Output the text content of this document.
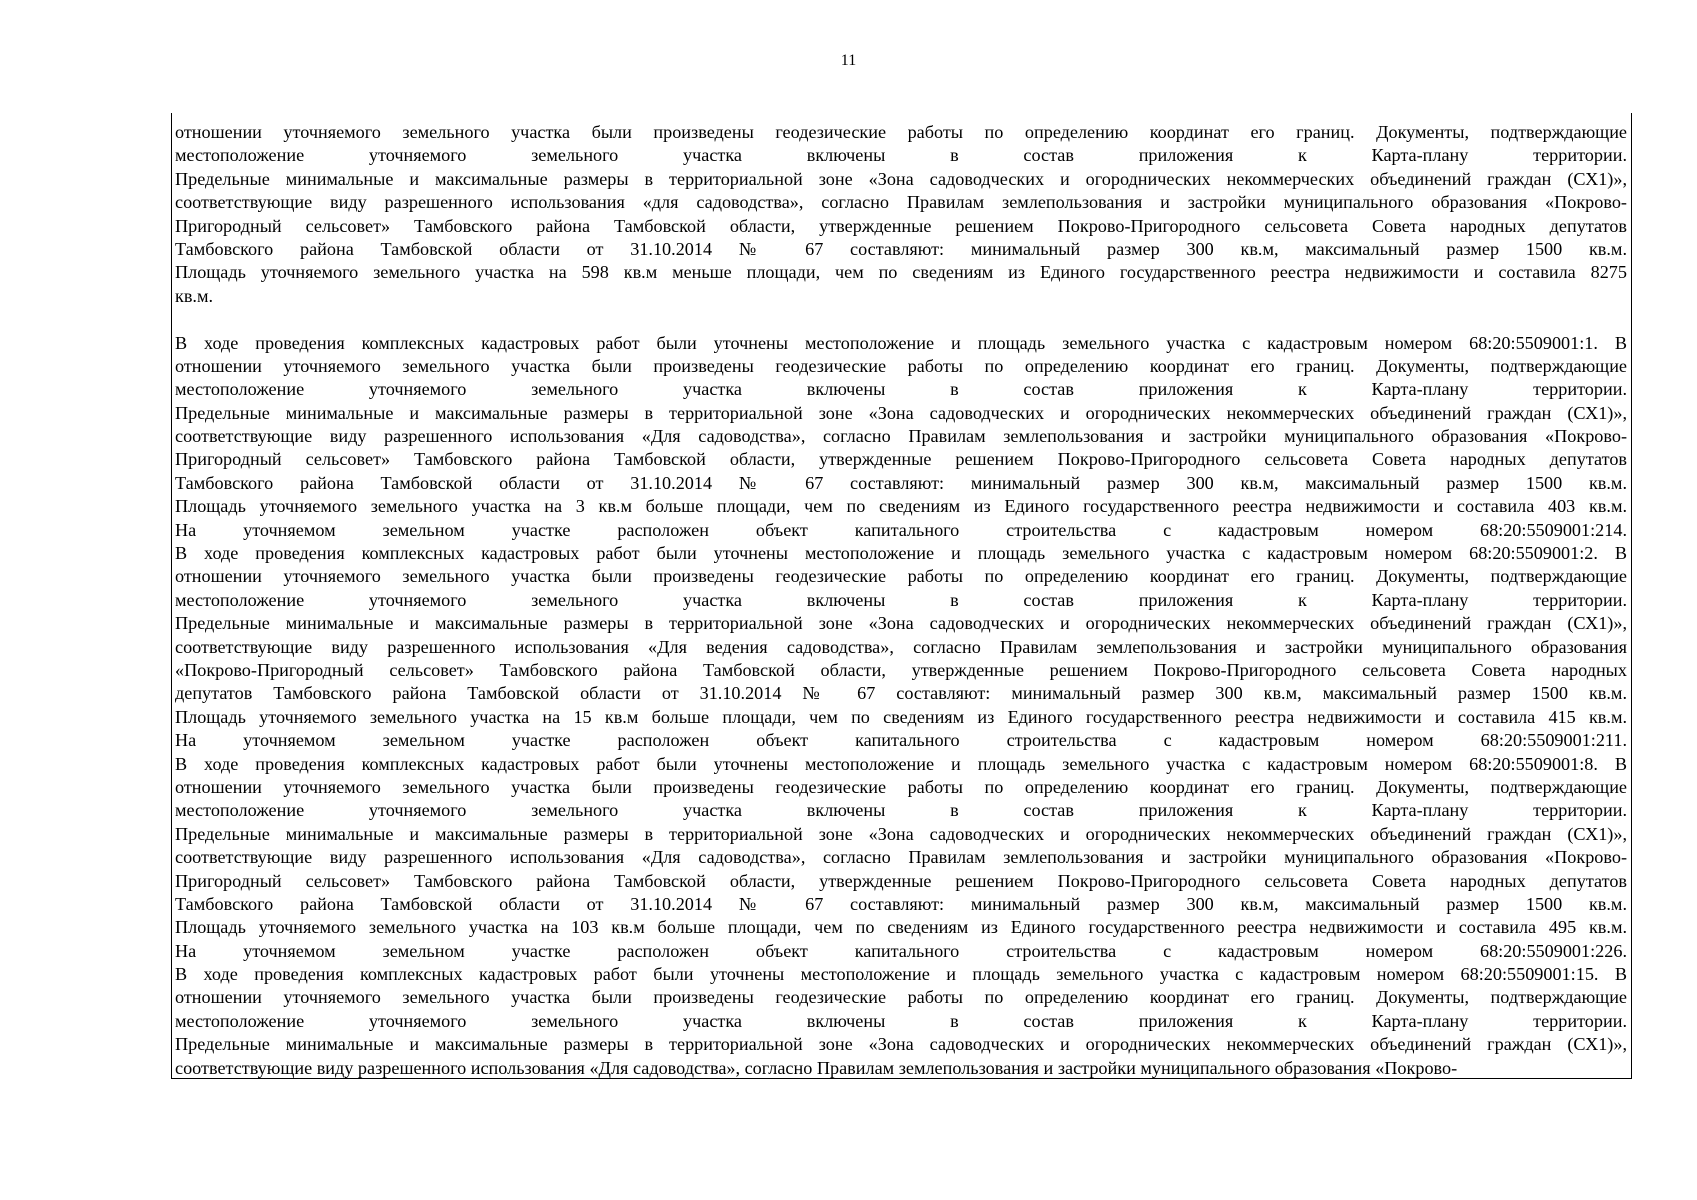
11
отношении уточняемого земельного участка были произведены геодезические работы по определению координат его границ. Документы, подтверждающие
местоположение уточняемого земельного участка включены в состав приложения к Карта-плану территории.
Предельные минимальные и максимальные размеры в территориальной зоне «Зона садоводческих и огороднических некоммерческих объединений граждан (СХ1)»,
соответствующие виду разрешенного использования «для садоводства», согласно Правилам землепользования и застройки муниципального образования «Покрово-
Пригородный сельсовет» Тамбовского района Тамбовской области, утвержденные решением Покрово-Пригородного сельсовета Совета народных депутатов
Тамбовского района Тамбовской области от 31.10.2014 № 67 составляют: минимальный размер 300 кв.м, максимальный размер 1500 кв.м.
Площадь уточняемого земельного участка на 598 кв.м меньше площади, чем по сведениям из Единого государственного реестра недвижимости и составила 8275
кв.м.
В ходе проведения комплексных кадастровых работ были уточнены местоположение и площадь земельного участка с кадастровым номером 68:20:5509001:1. В
отношении уточняемого земельного участка были произведены геодезические работы по определению координат его границ. Документы, подтверждающие
местоположение уточняемого земельного участка включены в состав приложения к Карта-плану территории.
Предельные минимальные и максимальные размеры в территориальной зоне «Зона садоводческих и огороднических некоммерческих объединений граждан (СХ1)»,
соответствующие виду разрешенного использования «Для садоводства», согласно Правилам землепользования и застройки муниципального образования «Покрово-
Пригородный сельсовет» Тамбовского района Тамбовской области, утвержденные решением Покрово-Пригородного сельсовета Совета народных депутатов
Тамбовского района Тамбовской области от 31.10.2014 № 67 составляют: минимальный размер 300 кв.м, максимальный размер 1500 кв.м.
Площадь уточняемого земельного участка на 3 кв.м больше площади, чем по сведениям из Единого государственного реестра недвижимости и составила 403 кв.м.
На уточняемом земельном участке расположен объект капитального строительства с кадастровым номером 68:20:5509001:214.
В ходе проведения комплексных кадастровых работ были уточнены местоположение и площадь земельного участка с кадастровым номером 68:20:5509001:2. В
отношении уточняемого земельного участка были произведены геодезические работы по определению координат его границ. Документы, подтверждающие
местоположение уточняемого земельного участка включены в состав приложения к Карта-плану территории.
Предельные минимальные и максимальные размеры в территориальной зоне «Зона садоводческих и огороднических некоммерческих объединений граждан (СХ1)»,
соответствующие виду разрешенного использования «Для ведения садоводства», согласно Правилам землепользования и застройки муниципального образования
«Покрово-Пригородный сельсовет» Тамбовского района Тамбовской области, утвержденные решением Покрово-Пригородного сельсовета Совета народных
депутатов Тамбовского района Тамбовской области от 31.10.2014 № 67 составляют: минимальный размер 300 кв.м, максимальный размер 1500 кв.м.
Площадь уточняемого земельного участка на 15 кв.м больше площади, чем по сведениям из Единого государственного реестра недвижимости и составила 415 кв.м.
На уточняемом земельном участке расположен объект капитального строительства с кадастровым номером 68:20:5509001:211.
В ходе проведения комплексных кадастровых работ были уточнены местоположение и площадь земельного участка с кадастровым номером 68:20:5509001:8. В
отношении уточняемого земельного участка были произведены геодезические работы по определению координат его границ. Документы, подтверждающие
местоположение уточняемого земельного участка включены в состав приложения к Карта-плану территории.
Предельные минимальные и максимальные размеры в территориальной зоне «Зона садоводческих и огороднических некоммерческих объединений граждан (СХ1)»,
соответствующие виду разрешенного использования «Для садоводства», согласно Правилам землепользования и застройки муниципального образования «Покрово-
Пригородный сельсовет» Тамбовского района Тамбовской области, утвержденные решением Покрово-Пригородного сельсовета Совета народных депутатов
Тамбовского района Тамбовской области от 31.10.2014 № 67 составляют: минимальный размер 300 кв.м, максимальный размер 1500 кв.м.
Площадь уточняемого земельного участка на 103 кв.м больше площади, чем по сведениям из Единого государственного реестра недвижимости и составила 495 кв.м.
На уточняемом земельном участке расположен объект капитального строительства с кадастровым номером 68:20:5509001:226.
В ходе проведения комплексных кадастровых работ были уточнены местоположение и площадь земельного участка с кадастровым номером 68:20:5509001:15. В
отношении уточняемого земельного участка были произведены геодезические работы по определению координат его границ. Документы, подтверждающие
местоположение уточняемого земельного участка включены в состав приложения к Карта-плану территории.
Предельные минимальные и максимальные размеры в территориальной зоне «Зона садоводческих и огороднических некоммерческих объединений граждан (СХ1)»,
соответствующие виду разрешенного использования «Для садоводства», согласно Правилам землепользования и застройки муниципального образования «Покрово-
